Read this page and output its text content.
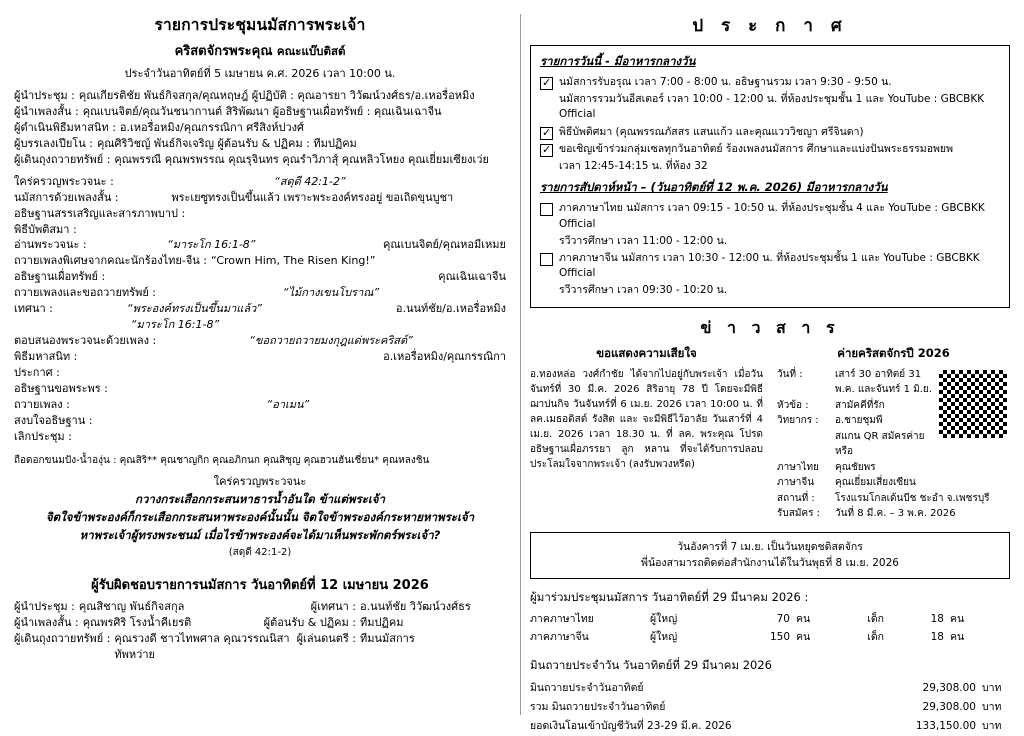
รายการประชุมนมัสการพระเจ้า
คริสตจักรพระคุณ คณะแบ๊บติสต์
ประจำวันอาทิตย์ที่ 5 เมษายน ค.ศ. 2026 เวลา 10:00 น.
ผู้นำประชุม : คุณเกียรติชัย พันธ์กิจสกุล/คุณหฤษฎ์ ผู้ปฏิบัติ : คุณอารยา วิวัฒน์วงศ์ธร/อ.เหอรื่อหมิง
ผู้นำเพลงสั้น : คุณเบนจิตย์/คุณวันชนากานต์ สิริพัฒนา ผู้อธิษฐานเผื่อทรัพย์ : คุณเฉินเฉาจีน
ผู้ดำเนินพิธีมหาสนิท : อ.เหอรื่อหมิง/คุณกรรณิกา ศรีสิงห์ปวงศ์
ผู้บรรเลงเปียโน : คุณศิริวิชญ์ พันธ์กิจเจริญ ผู้ต้อนรับ & ปฏิคม : ทีมปฏิคม
ผู้เดินถุงถวายทรัพย์ : คุณพรรณี คุณพรพรรณ คุณรุจินทร คุณรำวิภาสุ์ คุณหลิวโหยง คุณเยี่ยมเซียงเว่ย
ใคร่ครวญพระวจนะ :	“สดุดี 42:1-2”
นมัสการด้วยเพลงสั้น :	พระเยซูทรงเป็นขึ้นแล้ว เพราะพระองค์ทรงอยู่ ขอเถิดขุนบูชา
อธิษฐานสรรเสริญและสารภาพบาป :
พิธีบัพติสมา :
อ่านพระวจนะ :	“มาระโก 16:1-8”	คุณเบนจิตย์/คุณหอมีเหมย
ถวายเพลงพิเศษจากคณะนักร้องไทย-จีน : “Crown Him, The Risen King!”
อธิษฐานเผื่อทรัพย์ :	คุณเฉินเฉาจีน
ถวายเพลงและขอถวายทรัพย์ :	“ไม้กางเขนโบราณ”
เทศนา :	“พระองค์ทรงเป็นขึ้นมาแล้ว”	อ.นนท์ชัย/อ.เหอรื่อหมิง
“มาระโก 16:1-8”
ตอบสนองพระวจนะด้วยเพลง :	“ขอถวายถวายมงกุฎแด่พระคริสต์”
พิธีมหาสนิท :	อ.เหอรื่อหมิง/คุณกรรณิกา
ประกาศ :
อธิษฐานขอพระพร :
ถวายเพลง :	“อาเมน”
สงบใจอธิษฐาน :
เลิกประชุม :
ถือดอกขนมปัง-น้ำองุ่น : คุณสิริ** คุณชาญกิก คุณอภิกนก คุณสิชุญ คุณฮวนฮันเชี่ยน* คุณหลงชิน
ใคร่ครวญพระวจนะ
กวางกระเสือกกระสนหาธารน้ำอันใด ข้าแต่พระเจ้า
จิตใจข้าพระองค์ก็กระเสือกกระสนหาพระองค์นั้นนั้น จิตใจข้าพระองค์กระหายหาพระเจ้า
หาพระเจ้าผู้ทรงพระชนม์ เมื่อไรข้าพระองค์จะได้มาเห็นพระพักตร์พระเจ้า?
(สดุดี 42:1-2)
ผู้รับผิดชอบรายการนมัสการ วันอาทิตย์ที่ 12 เมษายน 2026
ผู้นำประชุม : คุณสิชาญ พันธ์กิจสกุล	ผู้เทศนา : อ.นนท์ชัย วิวัฒน์วงศ์ธร
ผู้นำเพลงสั้น : คุณพรศิริ โรงน้ำคีเยรติ	ผู้ต้อนรับ & ปฏิคม : ทีมปฏิคม
ผู้เดินถุงถวายทรัพย์ : คุณรวงดี ชาวไทพศาล คุณวรรณนิสา ทัพหว่าย
ผู้เล่นดนตรี : ทีมนมัสการ
ป ร ะ ก า ศ
รายการวันนี้ - มีอาหารกลางวัน
✓
นมัสการรับอรุณ เวลา 7:00 - 8:00 น. อธิษฐานรวม เวลา 9:30 - 9:50 น.
นมัสการรวมวันอีสเตอร์ เวลา 10:00 - 12:00 น. ที่ห้องประชุมชั้น 1 และ YouTube : GBCBKK Official
✓
พิธีบัพติศมา (คุณพรรณภัสสร แสนแก้ว และคุณแวววิชญา ศรีจินดา)
✓
ขอเชิญเข้าร่วมกลุ่มเซลทุกวันอาทิตย์ ร้องเพลงนมัสการ ศึกษาและแบ่งปันพระธรรมอพยพ
เวลา 12:45-14:15 น. ที่ห้อง 32
รายการสัปดาห์หน้า – (วันอาทิตย์ที่ 12 พ.ค. 2026) มีอาหารกลางวัน
ภาคภาษาไทย นมัสการ เวลา 09:15 - 10:50 น. ที่ห้องประชุมชั้น 4 และ YouTube : GBCBKK Official
รวีวารศึกษา เวลา 11:00 - 12:00 น.
ภาคภาษาจีน นมัสการ เวลา 10:30 - 12:00 น. ที่ห้องประชุมชั้น 1 และ YouTube : GBCBKK Official
รวีวารศึกษา เวลา 09:30 - 10:20 น.
ข่ า ว ส า ร
ขอแสดงความเสียใจ
อ.ทองหล่อ วงศ์กำชัย ได้จากไปอยู่กับพระเจ้า เมื่อวันจันทร์ที่ 30 มี.ค. 2026 สิริอายุ 78 ปี โดยจะมีพิธีฌาปนกิจ วันจันทร์ที่ 6 เม.ย. 2026 เวลา 10:00 น. ที่ลค.เมธอดิสต์ รังสิต และ จะมีพิธีไว้อาลัย วันเสาร์ที่ 4 เม.ย. 2026 เวลา 18.30 น. ที่ ลค. พระคุณ โปรดอธิษฐานเผื่อภรรยา ลูก หลาน ที่จะได้รับการปลอบประโลมใจจากพระเจ้า (ลงรับพวงหรีด)
ค่ายคริสตจักรปี 2026
วันที่ :	เสาร์ 30 อาทิตย์ 31 พ.ค. และจันทร์ 1 มิ.ย.
หัวข้อ :	สามัคคีที่รัก
วิทยากร :	อ.ชายชุมพี
สแกน QR สมัครค่าย หรือ
ภาษาไทย	คุณชัยพร
ภาษาจีน	คุณเยี่ยมเสี่ยงเซียน
สถานที่ :	โรงแรมโกลเด้นบีช ชะอำ จ.เพชรบุรี
รับสมัคร :	วันที่ 8 มี.ค. – 3 พ.ค. 2026
วันอังคารที่ 7 เม.ย. เป็นวันหยุดชดิสตจักร
พี่น้องสามารถติดต่อสำนักงานได้ในวันพุธที่ 8 เม.ย. 2026
ผู้มาร่วมประชุมนมัสการ วันอาทิตย์ที่ 29 มีนาคม 2026 :
ภาคภาษาไทย	ผู้ใหญ่	70 คน	เด็ก	18 คน
ภาคภาษาจีน	ผู้ใหญ่	150 คน	เด็ก	18 คน
มินถวายประจำวัน วันอาทิตย์ที่ 29 มีนาคม 2026
มินถวายประจำวันอาทิตย์	29,308.00 บาท
รวม มินถวายประจำวันอาทิตย์	29,308.00 บาท
ยอดเงินโอนเข้าบัญชีวันที่ 23-29 มี.ค. 2026	133,150.00 บาท
